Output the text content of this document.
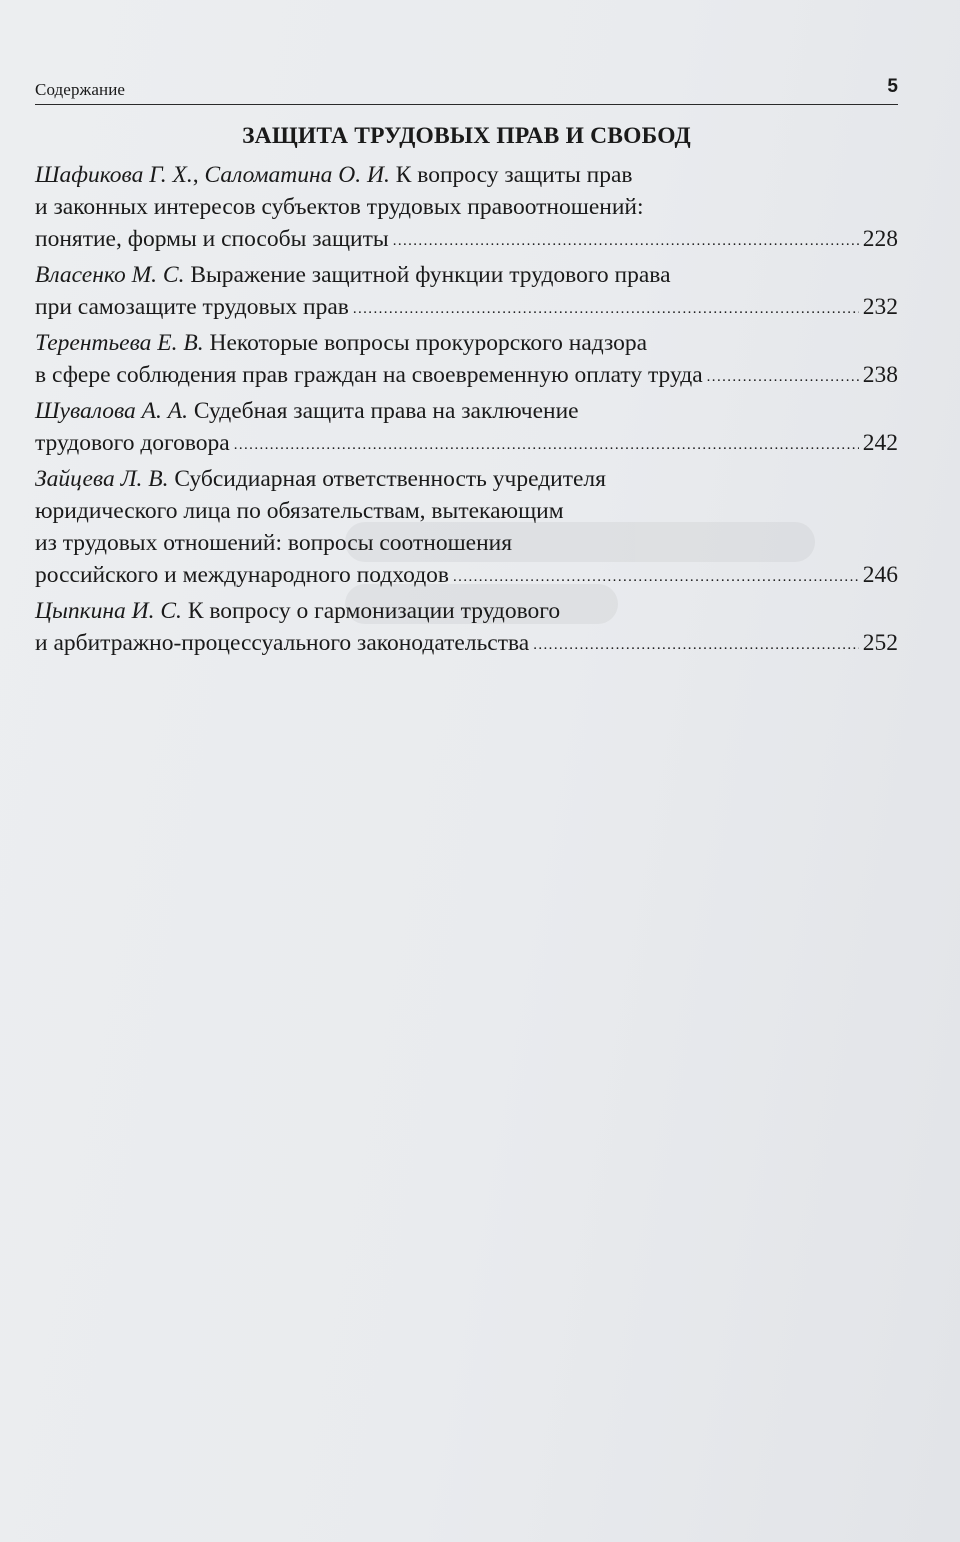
Содержание	5
ЗАЩИТА ТРУДОВЫХ ПРАВ И СВОБОД
Шафикова Г. Х., Саломатина О. И. К вопросу защиты прав
и законных интересов субъектов трудовых правоотношений:
понятие, формы и способы защиты .....	228
Власенко М. С. Выражение защитной функции трудового права
при самозащите трудовых прав .....	232
Терентьева Е. В. Некоторые вопросы прокурорского надзора
в сфере соблюдения прав граждан на своевременную оплату труда .....	238
Шувалова А. А. Судебная защита права на заключение
трудового договора .....	242
Зайцева Л. В. Субсидиарная ответственность учредителя
юридического лица по обязательствам, вытекающим
из трудовых отношений: вопросы соотношения
российского и международного подходов .....	246
Цыпкина И. С. К вопросу о гармонизации трудового
и арбитражно-процессуального законодательства .....	252
